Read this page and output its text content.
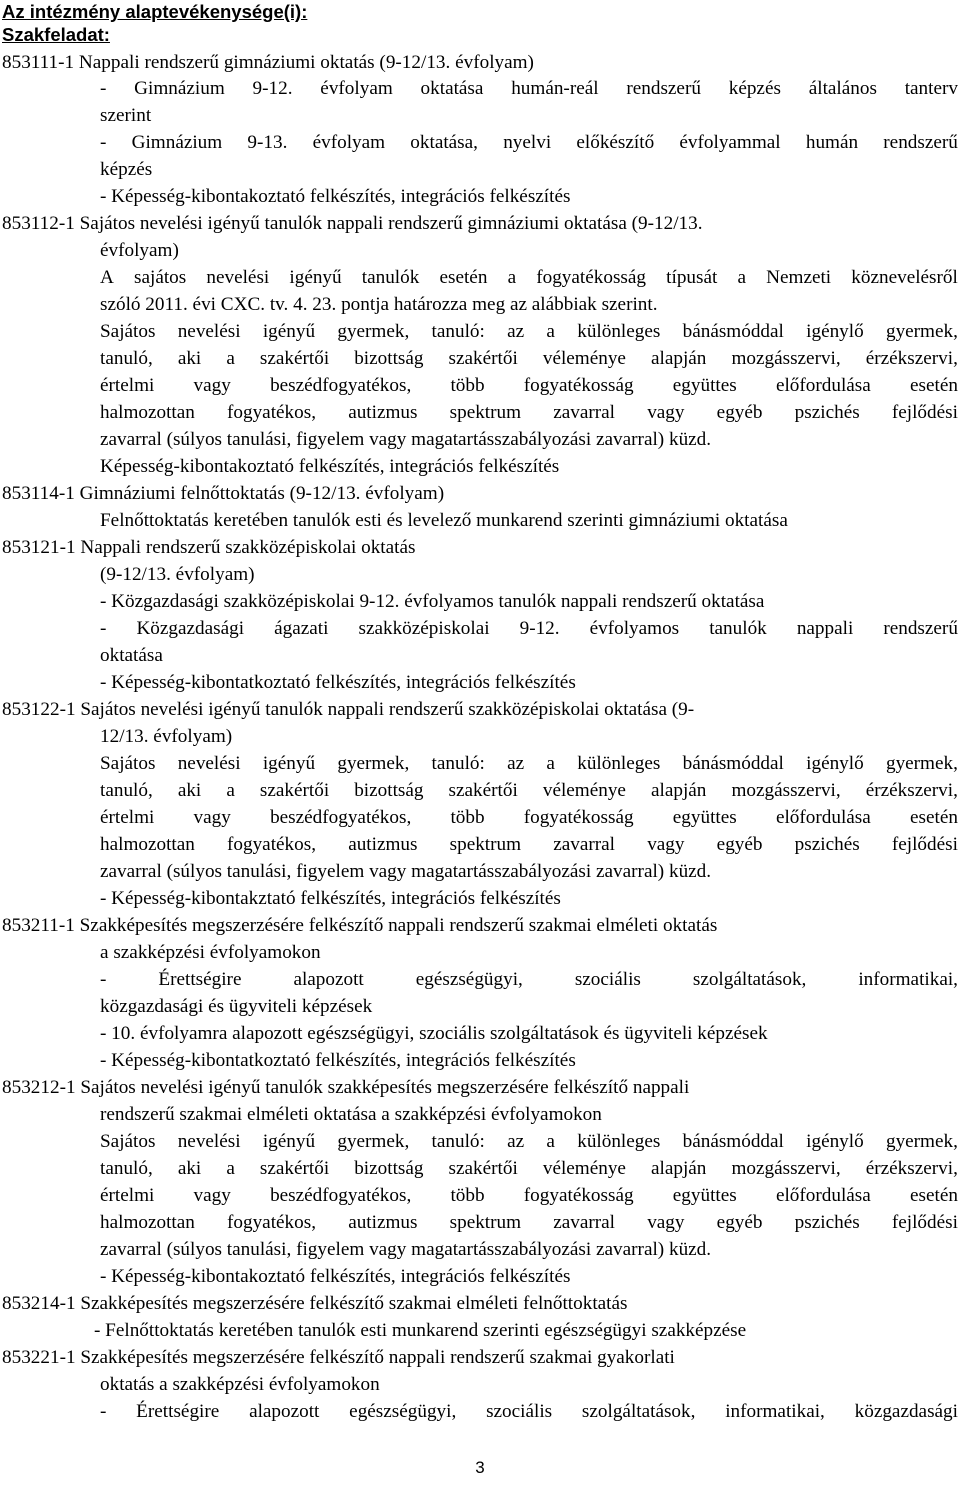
Az intézmény alaptevékenysége(i):
Szakfeladat:
853111-1 Nappali rendszerű gimnáziumi oktatás (9-12/13. évfolyam)
- Gimnázium 9-12. évfolyam oktatása humán-reál rendszerű képzés általános tanterv
szerint
- Gimnázium 9-13. évfolyam oktatása, nyelvi előkészítő évfolyammal humán rendszerű
képzés
- Képesség-kibontakoztató felkészítés, integrációs felkészítés
853112-1 Sajátos nevelési igényű tanulók nappali rendszerű gimnáziumi oktatása (9-12/13.
évfolyam)
A sajátos nevelési igényű tanulók esetén a fogyatékosság típusát a Nemzeti köznevelésről
szóló 2011. évi CXC. tv. 4. 23. pontja határozza meg az alábbiak szerint.
Sajátos nevelési igényű gyermek, tanuló: az a különleges bánásmóddal igénylő gyermek,
tanuló, aki a szakértői bizottság szakértői véleménye alapján mozgásszervi, érzékszervi,
értelmi vagy beszédfogyatékos, több fogyatékosság együttes előfordulása esetén
halmozottan fogyatékos, autizmus spektrum zavarral vagy egyéb pszichés fejlődési
zavarral (súlyos tanulási, figyelem vagy magatartásszabályozási zavarral) küzd.
Képesség-kibontakoztató felkészítés, integrációs felkészítés
853114-1 Gimnáziumi felnőttoktatás (9-12/13. évfolyam)
Felnőttoktatás keretében tanulók esti és levelező munkarend szerinti gimnáziumi oktatása
853121-1 Nappali rendszerű szakközépiskolai oktatás
(9-12/13. évfolyam)
- Közgazdasági szakközépiskolai 9-12. évfolyamos tanulók nappali rendszerű oktatása
- Közgazdasági ágazati szakközépiskolai 9-12. évfolyamos tanulók nappali rendszerű
oktatása
- Képesség-kibontatkoztató felkészítés, integrációs felkészítés
853122-1 Sajátos nevelési igényű tanulók nappali rendszerű szakközépiskolai oktatása (9-
12/13. évfolyam)
Sajátos nevelési igényű gyermek, tanuló: az a különleges bánásmóddal igénylő gyermek,
tanuló, aki a szakértői bizottság szakértői véleménye alapján mozgásszervi, érzékszervi,
értelmi vagy beszédfogyatékos, több fogyatékosság együttes előfordulása esetén
halmozottan fogyatékos, autizmus spektrum zavarral vagy egyéb pszichés fejlődési
zavarral (súlyos tanulási, figyelem vagy magatartásszabályozási zavarral) küzd.
- Képesség-kibontakztató felkészítés, integrációs felkészítés
853211-1 Szakképesítés megszerzésére felkészítő nappali rendszerű szakmai elméleti oktatás
a szakképzési évfolyamokon
-	Érettségire	alapozott	egészségügyi,	szociális	szolgáltatások,	informatikai,
közgazdasági és ügyviteli képzések
- 10. évfolyamra alapozott egészségügyi, szociális szolgáltatások és ügyviteli képzések
- Képesség-kibontatkoztató felkészítés, integrációs felkészítés
853212-1 Sajátos nevelési igényű tanulók szakképesítés megszerzésére felkészítő nappali
rendszerű szakmai elméleti oktatása a szakképzési évfolyamokon
Sajátos nevelési igényű gyermek, tanuló: az a különleges bánásmóddal igénylő gyermek,
tanuló, aki a szakértői bizottság szakértői véleménye alapján mozgásszervi, érzékszervi,
értelmi vagy beszédfogyatékos, több fogyatékosság együttes előfordulása esetén
halmozottan fogyatékos, autizmus spektrum zavarral vagy egyéb pszichés fejlődési
zavarral (súlyos tanulási, figyelem vagy magatartásszabályozási zavarral) küzd.
- Képesség-kibontakoztató felkészítés, integrációs felkészítés
853214-1 Szakképesítés megszerzésére felkészítő szakmai elméleti felnőttoktatás
- Felnőttoktatás keretében tanulók esti munkarend szerinti egészségügyi szakképzése
853221-1 Szakképesítés megszerzésére felkészítő nappali rendszerű szakmai gyakorlati
oktatás a szakképzési évfolyamokon
- Érettségire alapozott egészségügyi, szociális szolgáltatások, informatikai, közgazdasági
3
